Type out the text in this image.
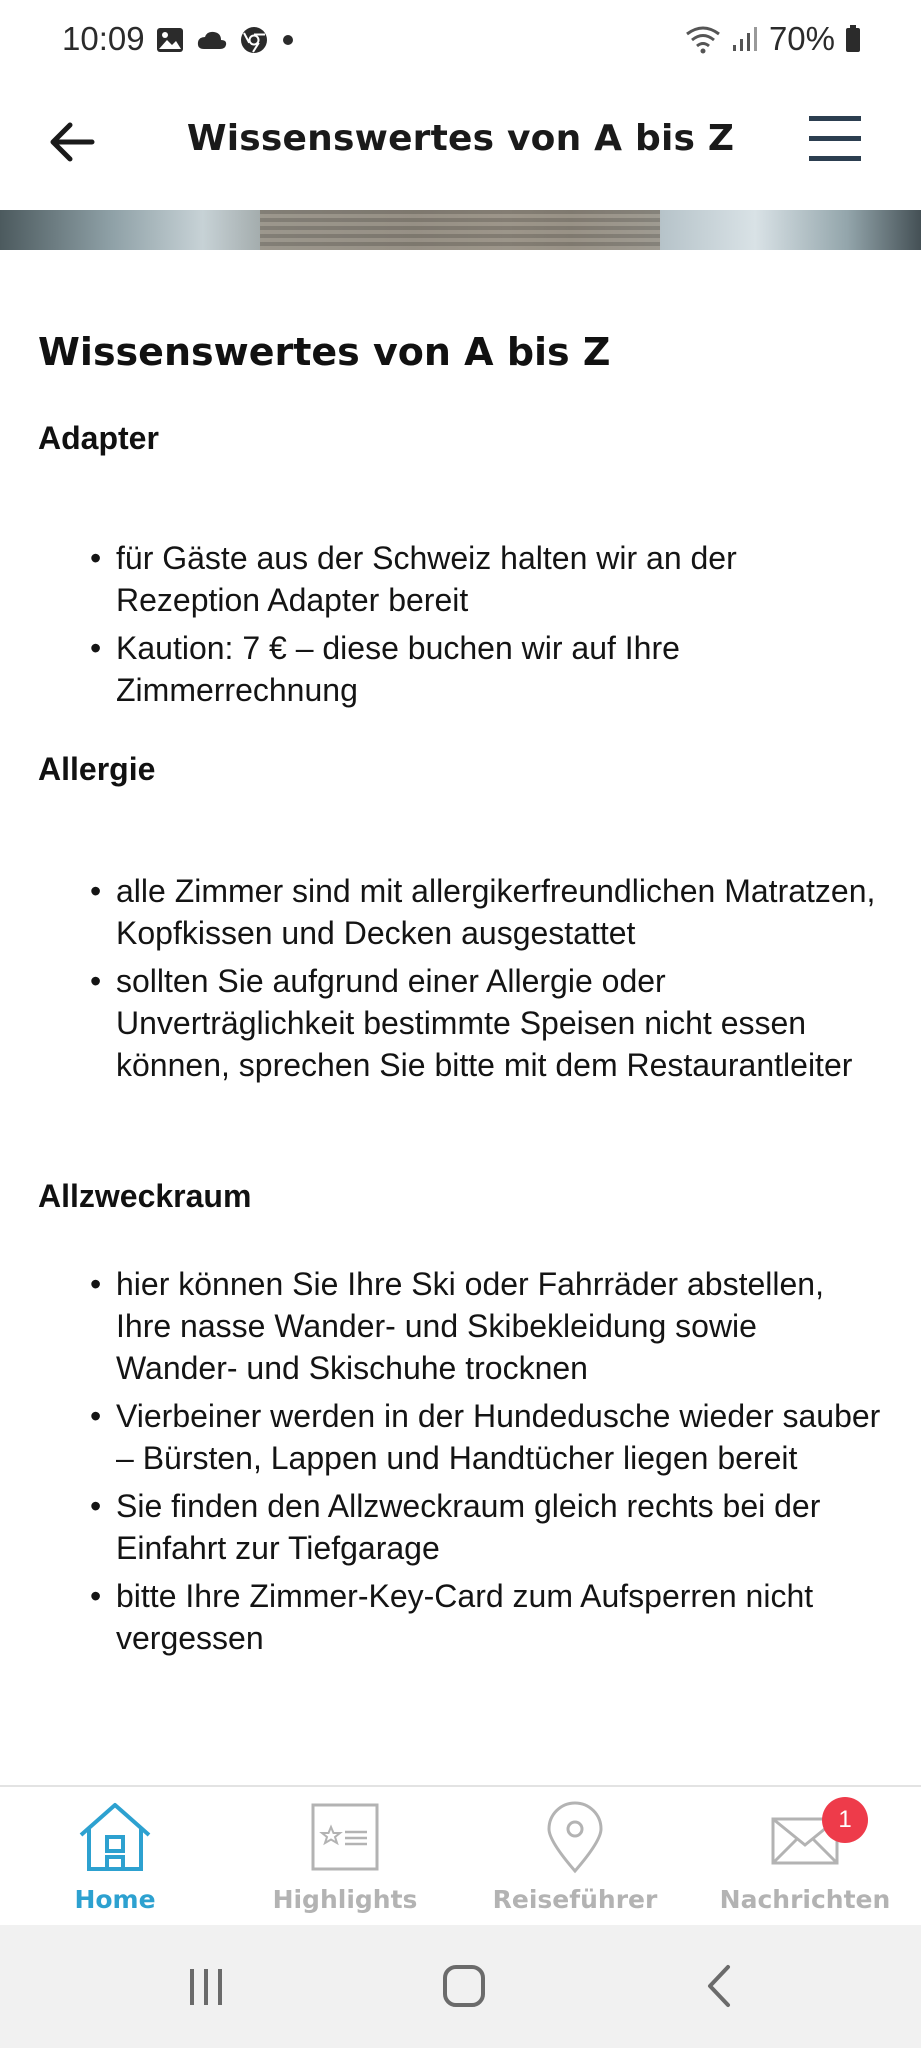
10:09	70%
Wissenswertes von A bis Z
Wissenswertes von A bis Z
Adapter
• für Gäste aus der Schweiz halten wir an der Rezeption Adapter bereit
• Kaution: 7 € – diese buchen wir auf Ihre Zimmerrechnung
Allergie
• alle Zimmer sind mit allergikerfreundlichen Matratzen, Kopfkissen und Decken ausgestattet
• sollten Sie aufgrund einer Allergie oder Unverträglichkeit bestimmte Speisen nicht essen können, sprechen Sie bitte mit dem Restaurantleiter
Allzweckraum
• hier können Sie Ihre Ski oder Fahrräder abstellen, Ihre nasse Wander- und Skibekleidung sowie Wander- und Skischuhe trocknen
• Vierbeiner werden in der Hundedusche wieder sauber – Bürsten, Lappen und Handtücher liegen bereit
• Sie finden den Allzweckraum gleich rechts bei der Einfahrt zur Tiefgarage
• bitte Ihre Zimmer-Key-Card zum Aufsperren nicht vergessen
Home	Highlights	Reiseführer
1
Nachrichten
